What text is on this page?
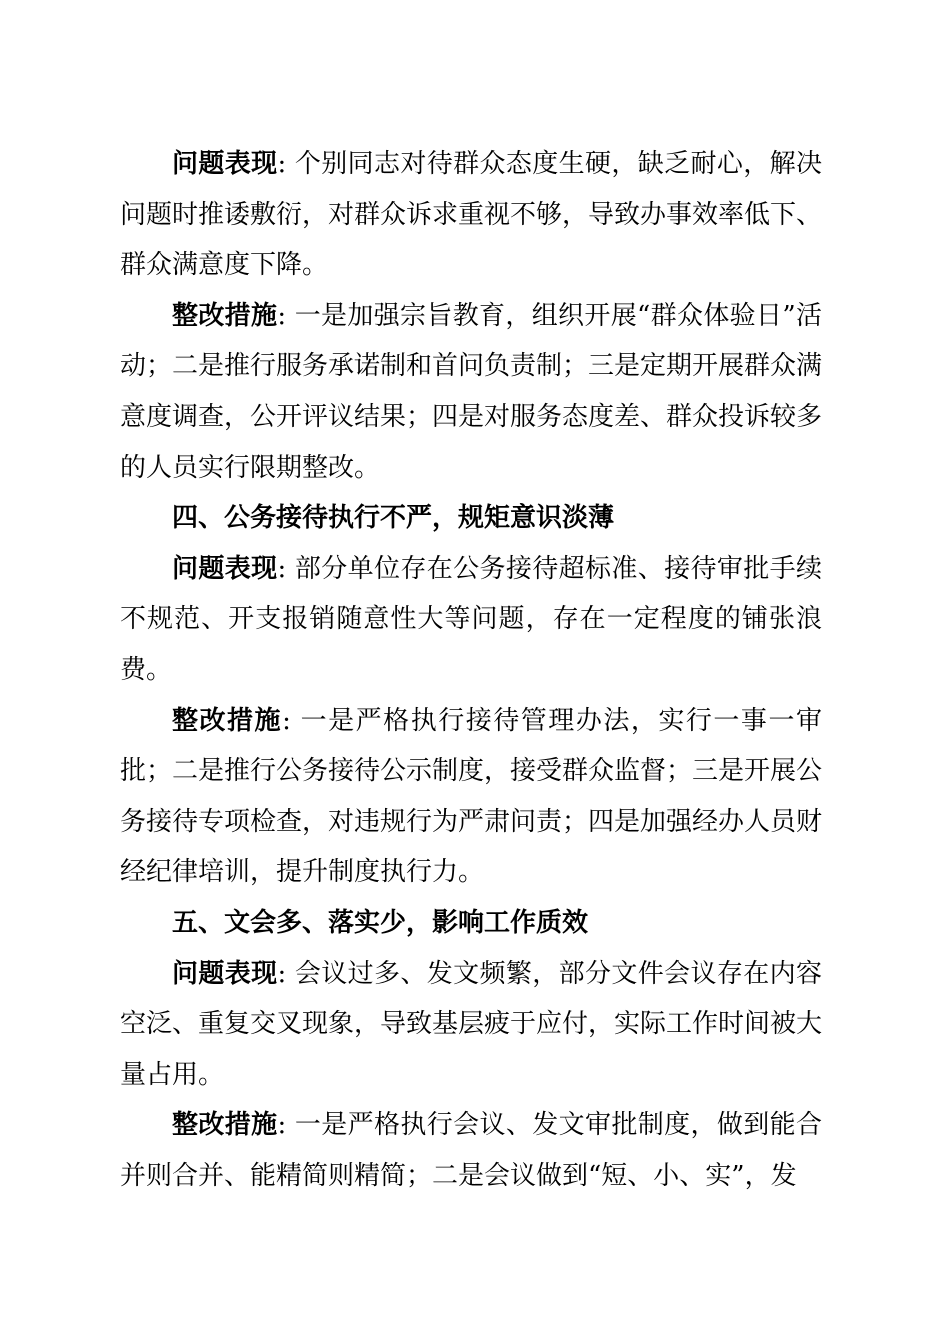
问题表现: 个别同志对待群众态度生硬，缺乏耐心，解决问题时推诿敷衍，对群众诉求重视不够，导致办事效率低下、群众满意度下降。

整改措施: 一是加强宗旨教育，组织开展“群众体验日”活动；二是推行服务承诺制和首问负责制；三是定期开展群众满意度调查，公开评议结果；四是对服务态度差、群众投诉较多的人员实行限期整改。

四、公务接待执行不严，规矩意识淡薄

问题表现: 部分单位存在公务接待超标准、接待审批手续不规范、开支报销随意性大等问题，存在一定程度的铺张浪费。

整改措施: 一是严格执行接待管理办法，实行一事一审批；二是推行公务接待公示制度，接受群众监督；三是开展公务接待专项检查，对违规行为严肃问责；四是加强经办人员财经纪律培训，提升制度执行力。

五、文会多、落实少，影响工作质效

问题表现: 会议过多、发文频繁，部分文件会议存在内容空泛、重复交叉现象，导致基层疲于应付，实际工作时间被大量占用。

整改措施: 一是严格执行会议、发文审批制度，做到能合并则合并、能精简则精简；二是会议做到“短、小、实”，发
